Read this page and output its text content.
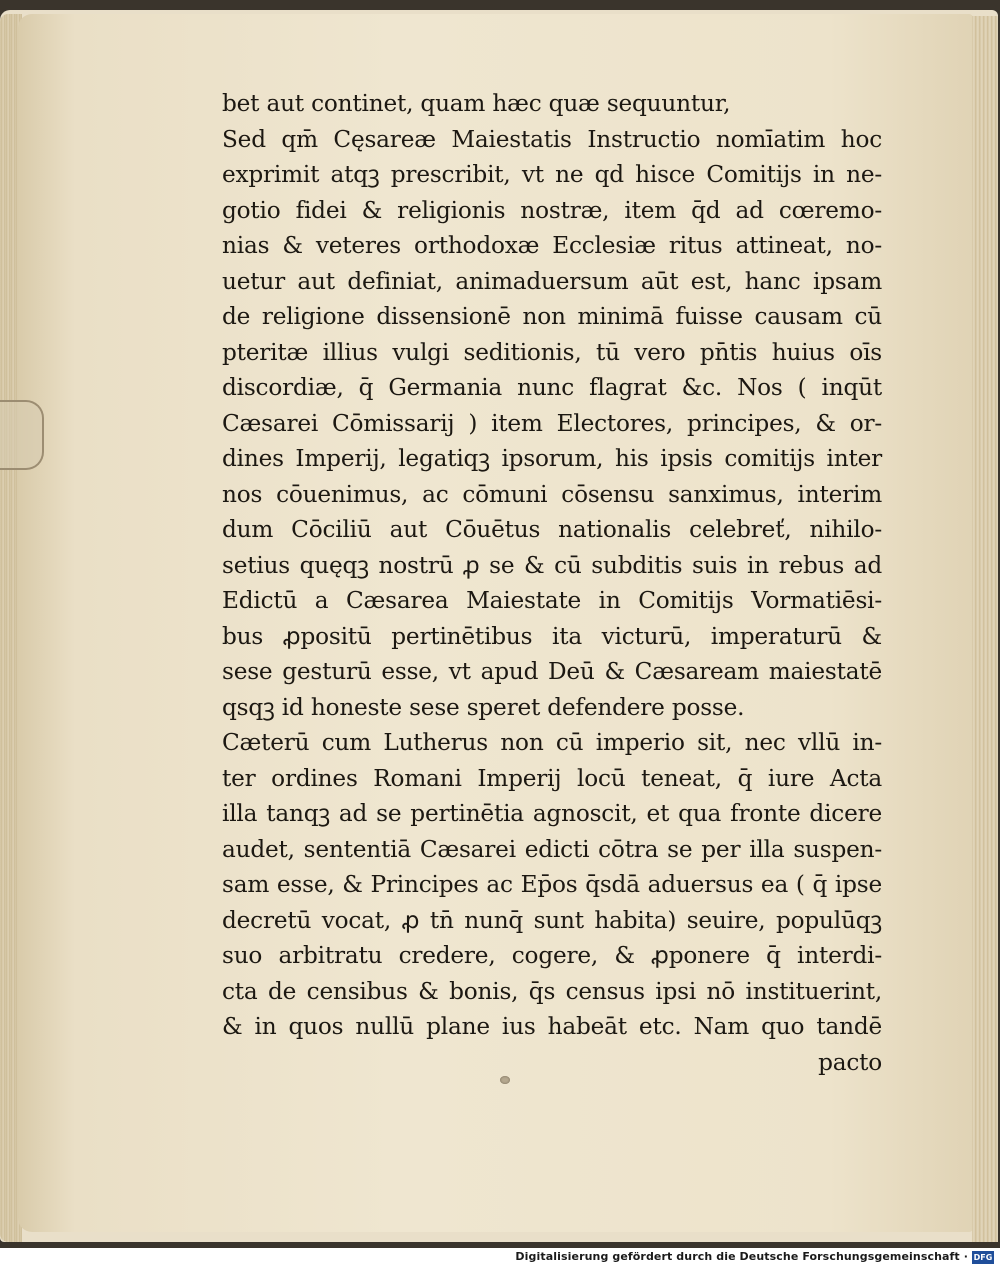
bet aut continet, quam hæc quæ sequuntur,
Sed qm̄ Cęsareæ Maiestatis Instructio nomīatim hoc
exprimit atqꝫ prescribit, vt ne qd hisce Comitijs in ne-
gotio fidei & religionis nostræ, item q̄d ad cœremo-
nias & veteres orthodoxæ Ecclesiæ ritus attineat, no-
uetur aut definiat, animaduersum aūt est, hanc ipsam
de religione dissensionē non minimā fuisse causam cū
pteritæ illius vulgi seditionis, tū vero pn̄tis huius oīs
discordiæ, q̄ Germania nunc flagrat &c. Nos ( inqūt
Cæsarei Cōmissarij ) item Electores, principes, & or-
dines Imperij, legatiqꝫ ipsorum, his ipsis comitijs inter
nos cōuenimus, ac cōmuni cōsensu sanximus, interim
dum Cōciliū aut Cōuētus nationalis celebreť, nihilo-
setius quęqꝫ nostrū ꝓ se & cū subditis suis in rebus ad
Edictū a Cæsarea Maiestate in Comitijs Vormatiēsi-
bus ꝓpositū pertinētibus ita victurū, imperaturū &
sese gesturū esse, vt apud Deū & Cæsaream maiestatē
qsqꝫ id honeste sese speret defendere posse.
Cæterū cum Lutherus non cū imperio sit, nec vllū in-
ter ordines Romani Imperij locū teneat, q̄ iure Acta
illa tanqꝫ ad se pertinētia agnoscit, et qua fronte dicere
audet, sententiā Cæsarei edicti cōtra se per illa suspen-
sam esse, & Principes ac Ep̄os q̄sdā aduersus ea ( q̄ ipse
decretū vocat, ꝓ tn̄ nunq̄ sunt habita) seuire, populūqꝫ
suo arbitratu credere, cogere, & ꝓponere q̄ interdi-
cta de censibus & bonis, q̄s census ipsi nō instituerint,
& in quos nullū plane ius habeāt etc. Nam quo tandē
pacto
Digitalisierung gefördert durch die Deutsche Forschungsgemeinschaft · DFG
